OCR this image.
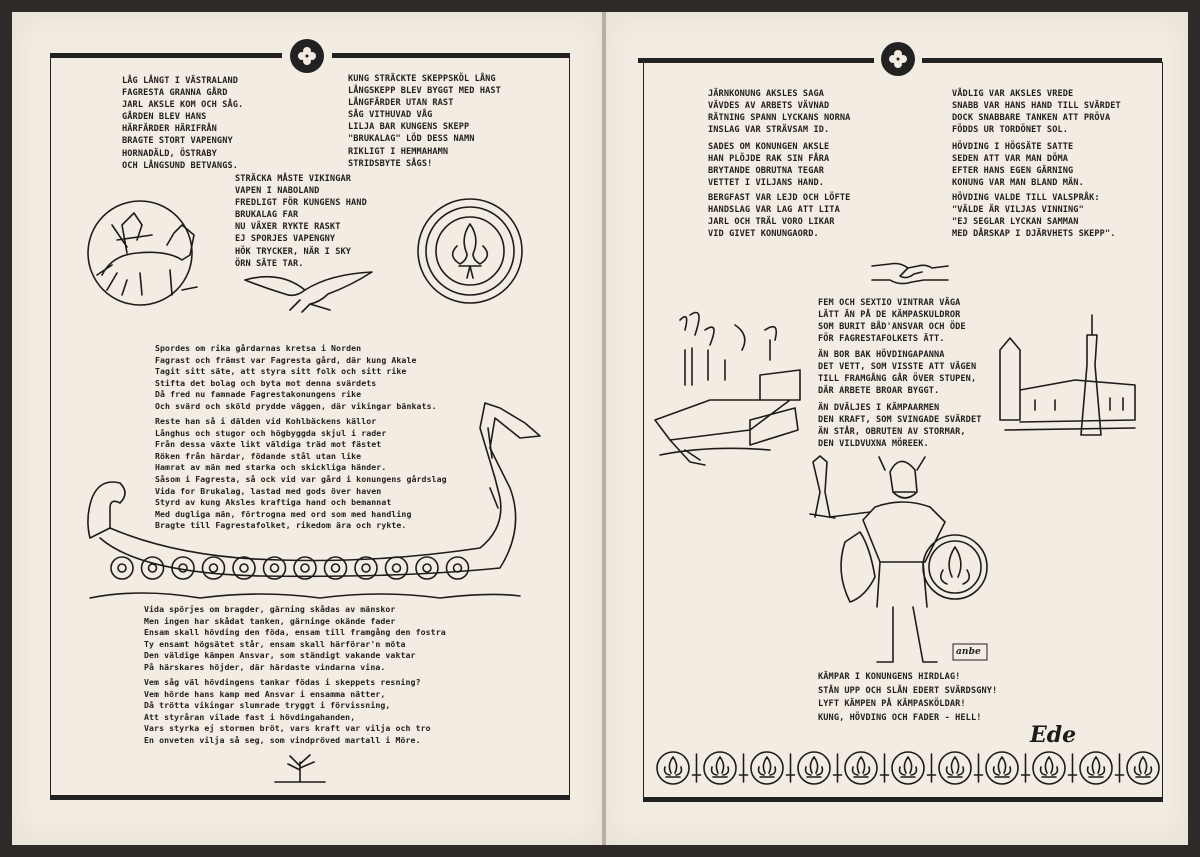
LÅG LÅNGT I VÄSTRALAND
FAGRESTA GRANNA GÅRD
JARL AKSLE KOM OCH SÅG.
GÅRDEN BLEV HANS
HÄRFÄRDER HÄRIFRÅN
BRAGTE STORT VAPENGNY
HORNADÄLD, ÖSTRABY
OCH LÅNGSUND BETVANGS.
KUNG STRÄCKTE SKEPPSKÖL LÅNG
LÅNGSKEPP BLEV BYGGT MED HAST
LÅNGFÄRDER UTAN RAST
SÅG VITHUVAD VÅG
LILJA BAR KUNGENS SKEPP
"BRUKALAG" LÖD DESS NAMN
RIKLIGT I HEMMAHAMN
STRIDSBYTE SÅGS!
STRÄCKA MÅSTE VIKINGAR
VAPEN I NABOLAND
FREDLIGT FÖR KUNGENS HAND
BRUKALAG FAR
NU VÄXER RYKTE RASKT
EJ SPORJES VAPENGNY
HÖK TRYCKER, NÄR I SKY
ÖRN SÄTE TAR.
Spordes om rika gårdarnas kretsa i Norden
Fagrast och främst var Fagresta gård, där kung Akale
Tagit sitt säte, att styra sitt folk och sitt rike
Stifta det bolag och byta mot denna svärdets
Då fred nu famnade Fagrestakonungens rike
Och svärd och sköld prydde väggen, där vikingar bänkats.
Reste han så i dälden vid Kohlbäckens källor
Långhus och stugor och högbyggda skjul i rader
Från dessa växte likt väldiga träd mot fästet
Röken från härdar, födande stål utan like
Hamrat av män med starka och skickliga händer.
Såsom i Fagresta, så ock vid var gård i konungens gårdslag
Vida for Brukalag, lastad med gods över haven
Styrd av kung Aksles kraftiga hand och bemannat
Med dugliga män, förtrogna med ord som med handling
Bragte till Fagrestafolket, rikedom ära och rykte.
Vida spörjes om bragder, gärning skådas av mänskor
Men ingen har skådat tanken, gärninge okände fader
Ensam skall hövding den föda, ensam till framgång den fostra
Ty ensamt högsätet står, ensam skall härförar'n möta
Den väldige kämpen Ansvar, som ständigt vakande vaktar
På härskares höjder, där härdaste vindarna vina.
Vem såg väl hövdingens tankar födas i skeppets resning?
Vem hörde hans kamp med Ansvar i ensamma nätter,
Då trötta vikingar slumrade tryggt i förvissning,
Att styråran vilade fast i hövdingahanden,
Vars styrka ej stormen bröt, vars kraft var vilja och tro
En onveten vilja så seg, som vindpröved martall i Möre.
JÄRNKONUNG AKSLES SAGA
VÄVDES AV ARBETS VÄVNAD
RÄTNING SPANN LYCKANS NORNA
INSLAG VAR STRÄVSAM ID.
SADES OM KONUNGEN AKSLE
HAN PLÖJDE RAK SIN FÅRA
BRYTANDE OBRUTNA TEGAR
VETTET I VILJANS HAND.
BERGFAST VAR LEJD OCH LÖFTE
HANDSLAG VAR LAG ATT LITA
JARL OCH TRÄL VORO LIKAR
VID GIVET KONUNGAORD.
VÅDLIG VAR AKSLES VREDE
SNABB VAR HANS HAND TILL SVÄRDET
DOCK SNABBARE TANKEN ATT PRÖVA
FÖDDS UR TORDÖNET SOL.
HÖVDING I HÖGSÄTE SATTE
SEDEN ATT VAR MAN DÖMA
EFTER HANS EGEN GÄRNING
KONUNG VAR MAN BLAND MÄN.
HÖVDING VALDE TILL VALSPRÅK:
"VÄLDE ÄR VILJAS VINNING"
"EJ SEGLAR LYCKAN SAMMAN
MED DÅRSKAP I DJÄRVHETS SKEPP".
FEM OCH SEXTIO VINTRAR VÄGA
LÄTT ÄN PÅ DE KÄMPASKULDROR
SOM BURIT BÅD'ANSVAR OCH ÖDE
FÖR FAGRESTAFOLKETS ÄTT.
ÄN BOR BAK HÖVDINGAPANNA
DET VETT, SOM VISSTE ATT VÄGEN
TILL FRAMGÅNG GÅR ÖVER STUPEN,
DÄR ARBETE BROAR BYGGT.
ÄN DVÄLJES I KÄMPAARMEN
DEN KRAFT, SOM SVINGADE SVÄRDET
ÄN STÅR, OBRUTEN AV STORMAR,
DEN VILDVUXNA MÖREEK.
KÄMPAR I KONUNGENS HIRDLAG!
STÅN UPP OCH SLÅN EDERT SVÄRDSGNY!
LYFT KÄMPEN PÅ KÄMPASKÖLDAR!
KUNG, HÖVDING OCH FADER - HELL!
Ede
anbe
